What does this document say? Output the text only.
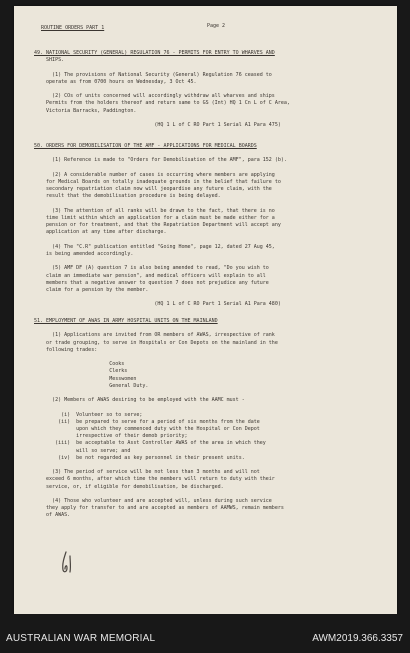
ROUTINE ORDERS PART 1	Page 2
49. NATIONAL SECURITY (GENERAL) REGULATION 76 - PERMITS FOR ENTRY TO WHARVES AND
SHIPS.
(1) The provisions of National Security (General) Regulation 76 ceased to
operate as from 0700 hours on Wednesday, 3 Oct 45.
(2) COs of units concerned will accordingly withdraw all wharves and ships
Permits from the holders thereof and return same to GS (Int) HQ 1 Cn L of C Area,
Victoria Barracks, Paddington.
(HQ 1 L of C RO Part 1 Serial A1 Para 475)
50. ORDERS FOR DEMOBILISATION OF THE AMF - APPLICATIONS FOR MEDICAL BOARDS
(1) Reference is made to "Orders for Demobilisation of the AMF", para 152 (b).
(2) A considerable number of cases is occurring where members are applying
for Medical Boards on totally inadequate grounds in the belief that failure to
secondary repatriation claim now will jeopardise any future claim, with the
result that the demobilisation procedure is being delayed.
(3) The attention of all ranks will be drawn to the fact, that there is no
time limit within which an application for a claim must be made either for a
pension or for treatment, and that the Repatriation Department will accept any
application at any time after discharge.
(4) The "C.R" publication entitled "Going Home", page 12, dated 27 Aug 45,
is being amended accordingly.
(5) AMF DF (A) question 7 is also being amended to read, "Do you wish to
claim an immediate war pension", and medical officers will explain to all
members that a negative answer to question 7 does not prejudice any future
claim for a pension by the member.
(HQ 1 L of C RO Part 1 Serial A1 Para 480)
51. EMPLOYMENT OF AWAS IN ARMY HOSPITAL UNITS ON THE MAINLAND
(1) Applications are invited from OR members of AWAS, irrespective of rank
or trade grouping, to serve in Hospitals or Con Depots on the mainland in the
following trades:
Cooks
Clerks
Messwomen
General Duty.
(2) Members of AWAS desiring to be employed with the AAMC must -
(i)  Volunteer so to serve;
(ii)  be prepared to serve for a period of six months from the date
upon which they commenced duty with the Hospital or Con Depot
irrespective of their demob priority;
(iii)  be acceptable to Asst Controller AWAS of the area in which they
will so serve; and
(iv)  be not regarded as key personnel in their present units.
(3) The period of service will be not less than 3 months and will not
exceed 6 months, after which time the members will return to duty with their
service, or, if eligible for demobilisation, be discharged.
(4) Those who volunteer and are accepted will, unless during such service
they apply for transfer to and are accepted as members of AAMWS, remain members
of AWAS.
AUSTRALIAN WAR MEMORIAL	AWM2019.366.3357
